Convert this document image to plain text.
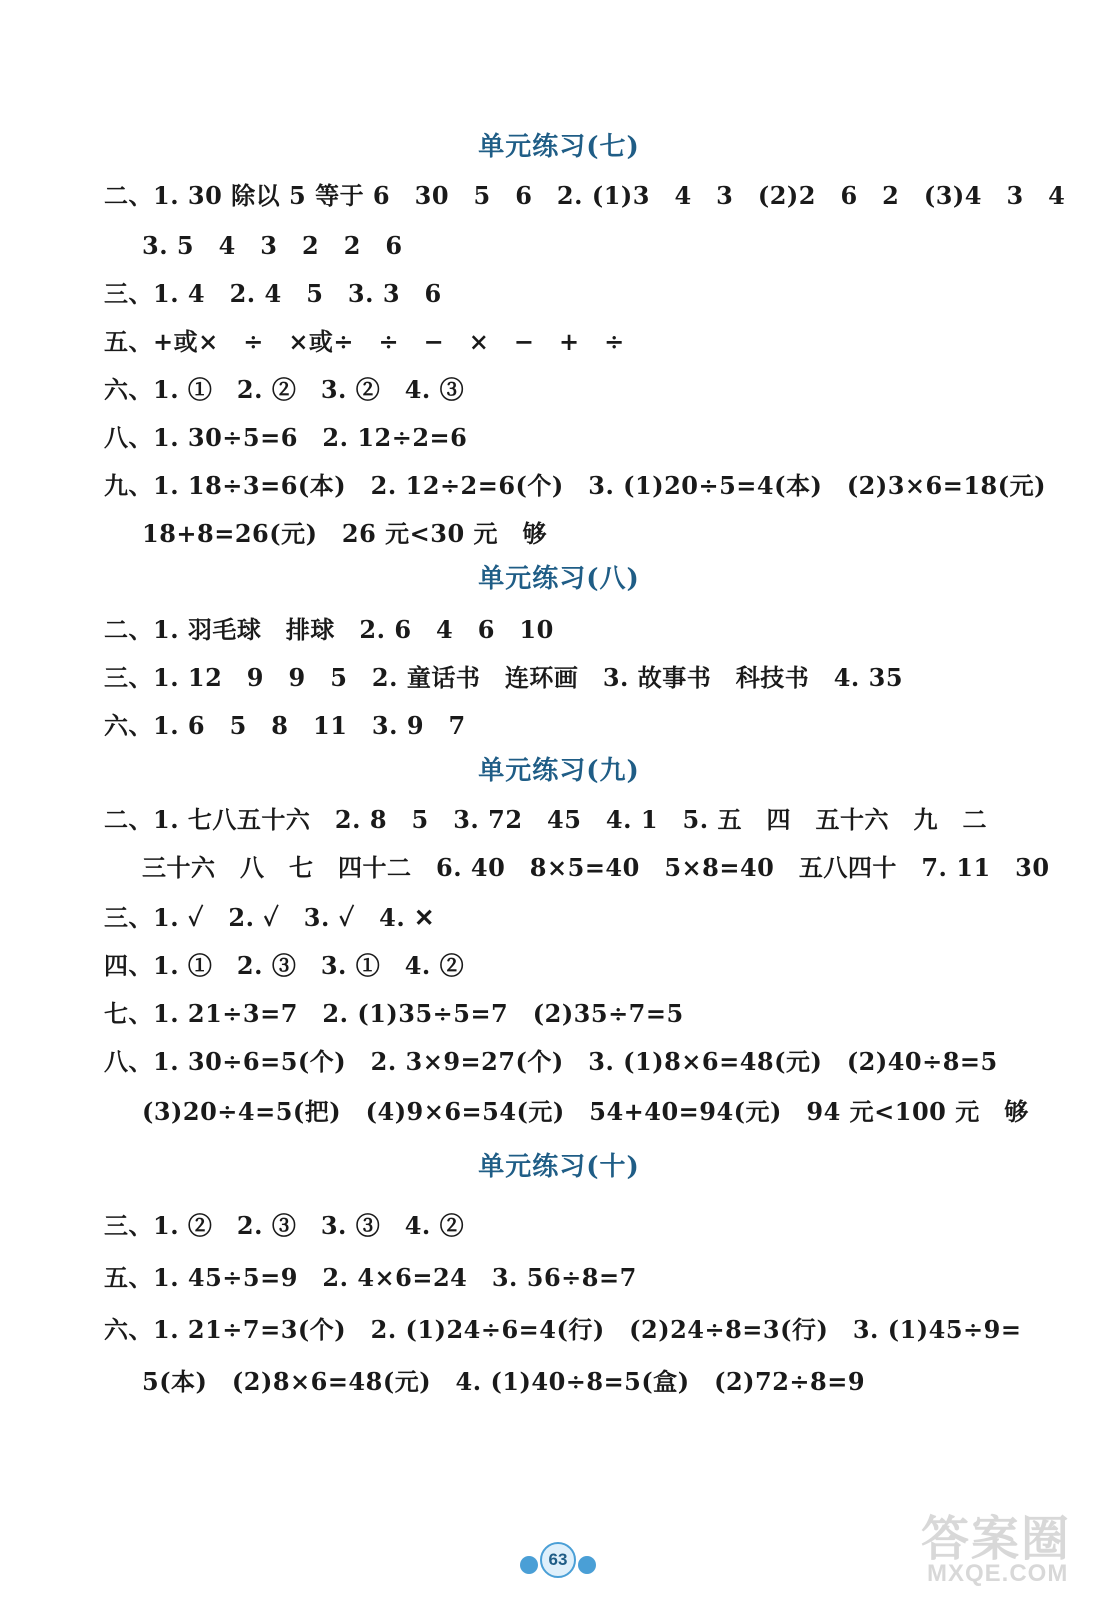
单元练习(七)
二、1. 30 除以 5 等于 6　30　5　6　2. (1)3　4　3　(2)2　6　2　(3)4　3　4
3. 5　4　3　2　2　6
三、1. 4　2. 4　5　3. 3　6
五、+或×　÷　×或÷　÷　−　×　−　+　÷
六、1. ①　2. ②　3. ②　4. ③
八、1. 30÷5=6　2. 12÷2=6
九、1. 18÷3=6(本)　2. 12÷2=6(个)　3. (1)20÷5=4(本)　(2)3×6=18(元)
18+8=26(元)　26 元<30 元　够
单元练习(八)
二、1. 羽毛球　排球　2. 6　4　6　10
三、1. 12　9　9　5　2. 童话书　连环画　3. 故事书　科技书　4. 35
六、1. 6　5　8　11　3. 9　7
单元练习(九)
二、1. 七八五十六　2. 8　5　3. 72　45　4. 1　5. 五　四　五十六　九　二
三十六　八　七　四十二　6. 40　8×5=40　5×8=40　五八四十　7. 11　30
三、1. ✓　2. ✓　3. ✓　4. ✕
四、1. ①　2. ③　3. ①　4. ②
七、1. 21÷3=7　2. (1)35÷5=7　(2)35÷7=5
八、1. 30÷6=5(个)　2. 3×9=27(个)　3. (1)8×6=48(元)　(2)40÷8=5
(3)20÷4=5(把)　(4)9×6=54(元)　54+40=94(元)　94 元<100 元　够
单元练习(十)
三、1. ②　2. ③　3. ③　4. ②
五、1. 45÷5=9　2. 4×6=24　3. 56÷8=7
六、1. 21÷7=3(个)　2. (1)24÷6=4(行)　(2)24÷8=3(行)　3. (1)45÷9=
5(本)　(2)8×6=48(元)　4. (1)40÷8=5(盒)　(2)72÷8=9
63	答案圈
MXQE.COM
